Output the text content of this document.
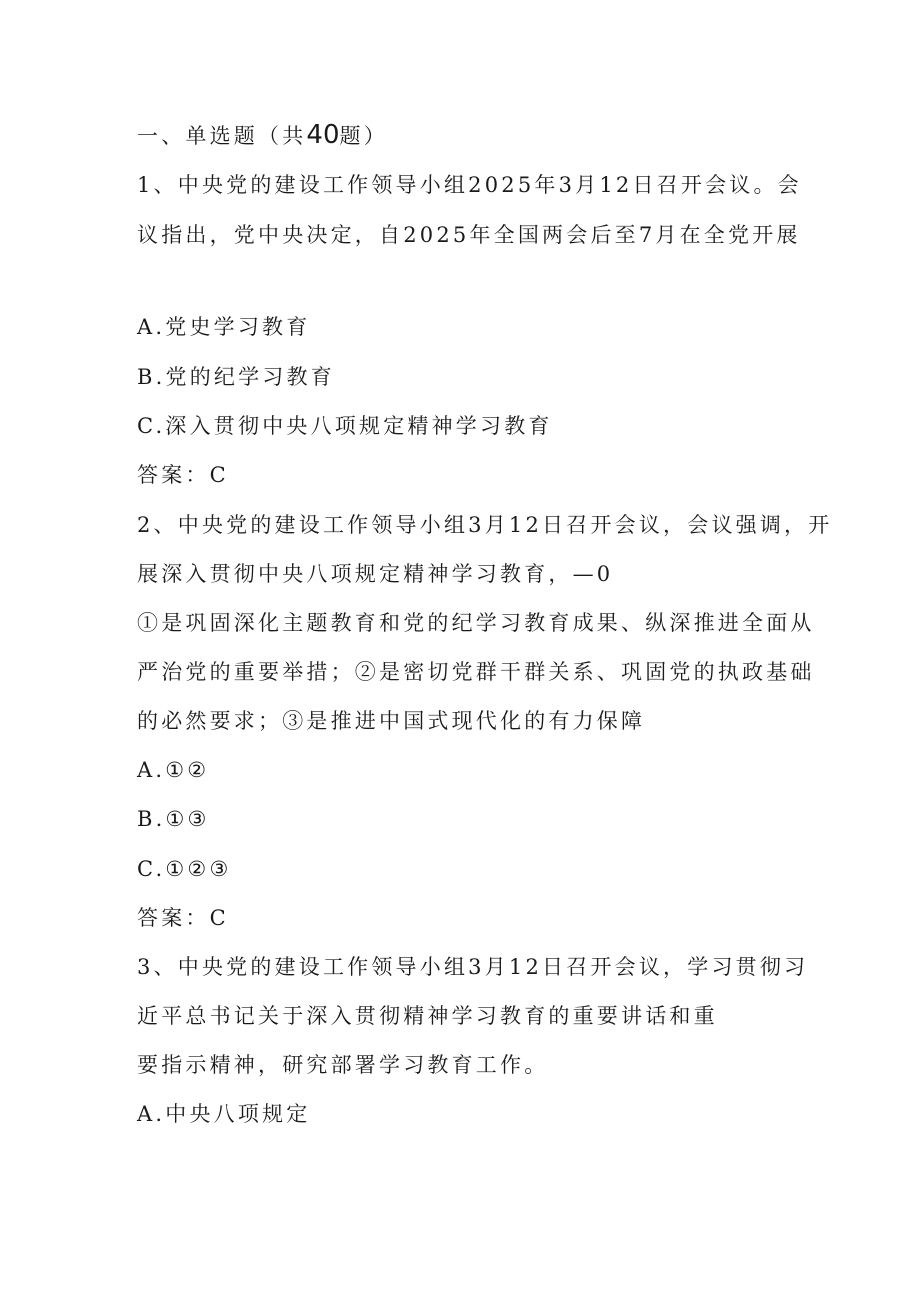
一、单选题（共40题）
1、中央党的建设工作领导小组2025年3月12日召开会议。会
议指出，党中央决定，自2025年全国两会后至7月在全党开展
A.党史学习教育
B.党的纪学习教育
C.深入贯彻中央八项规定精神学习教育
答案：C
2、中央党的建设工作领导小组3月12日召开会议，会议强调，开
展深入贯彻中央八项规定精神学习教育，—0
①是巩固深化主题教育和党的纪学习教育成果、纵深推进全面从
严治党的重要举措；②是密切党群干群关系、巩固党的执政基础
的必然要求；③是推进中国式现代化的有力保障
A.①②
B.①③
C.①②③
答案：C
3、中央党的建设工作领导小组3月12日召开会议，学习贯彻习
近平总书记关于深入贯彻精神学习教育的重要讲话和重
要指示精神，研究部署学习教育工作。
A.中央八项规定
